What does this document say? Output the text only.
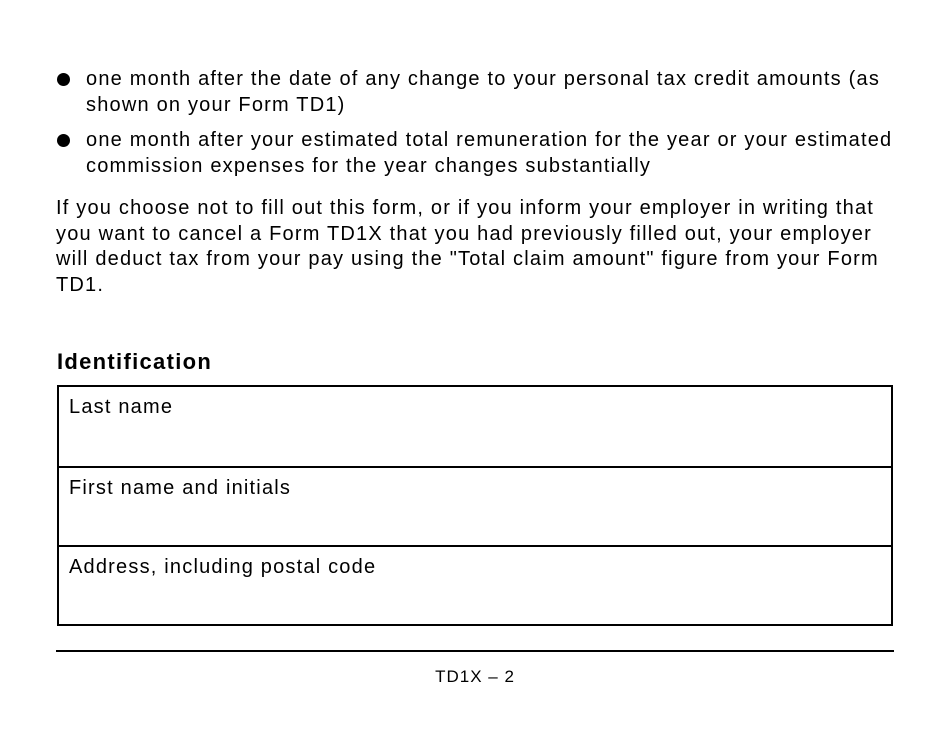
one month after the date of any change to your personal tax credit amounts (as shown on your Form TD1)
one month after your estimated total remuneration for the year or your estimated commission expenses for the year changes substantially

If you choose not to fill out this form, or if you inform your employer in writing that you want to cancel a Form TD1X that you had previously filled out, your employer will deduct tax from your pay using the "Total claim amount" figure from your Form TD1.

Identification
Last name
First name and initials
Address, including postal code
TD1X – 2
